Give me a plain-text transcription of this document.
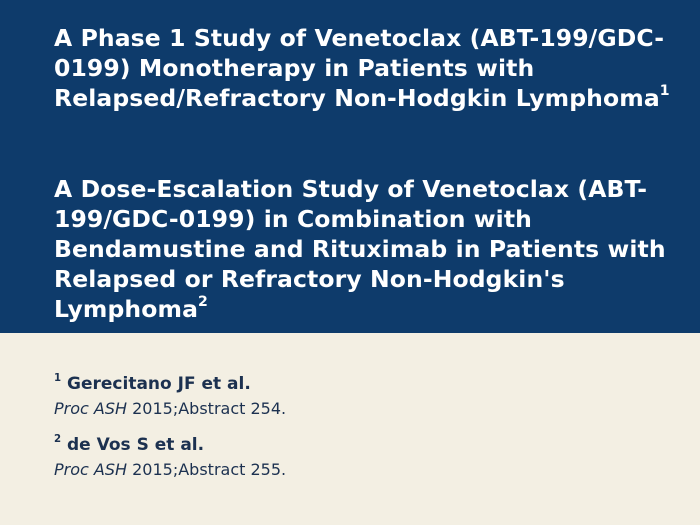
A Phase 1 Study of Venetoclax (ABT-199/GDC-0199) Monotherapy in Patients with Relapsed/Refractory Non-Hodgkin Lymphoma$^1$
A Dose-Escalation Study of Venetoclax (ABT-199/GDC-0199) in Combination with Bendamustine and Rituximab in Patients with Relapsed or Refractory Non-Hodgkin's Lymphoma$^2$
$^1$ Gerecitano JF et al.
Proc ASH 2015;Abstract 254.
$^2$ de Vos S et al.
Proc ASH 2015;Abstract 255.
